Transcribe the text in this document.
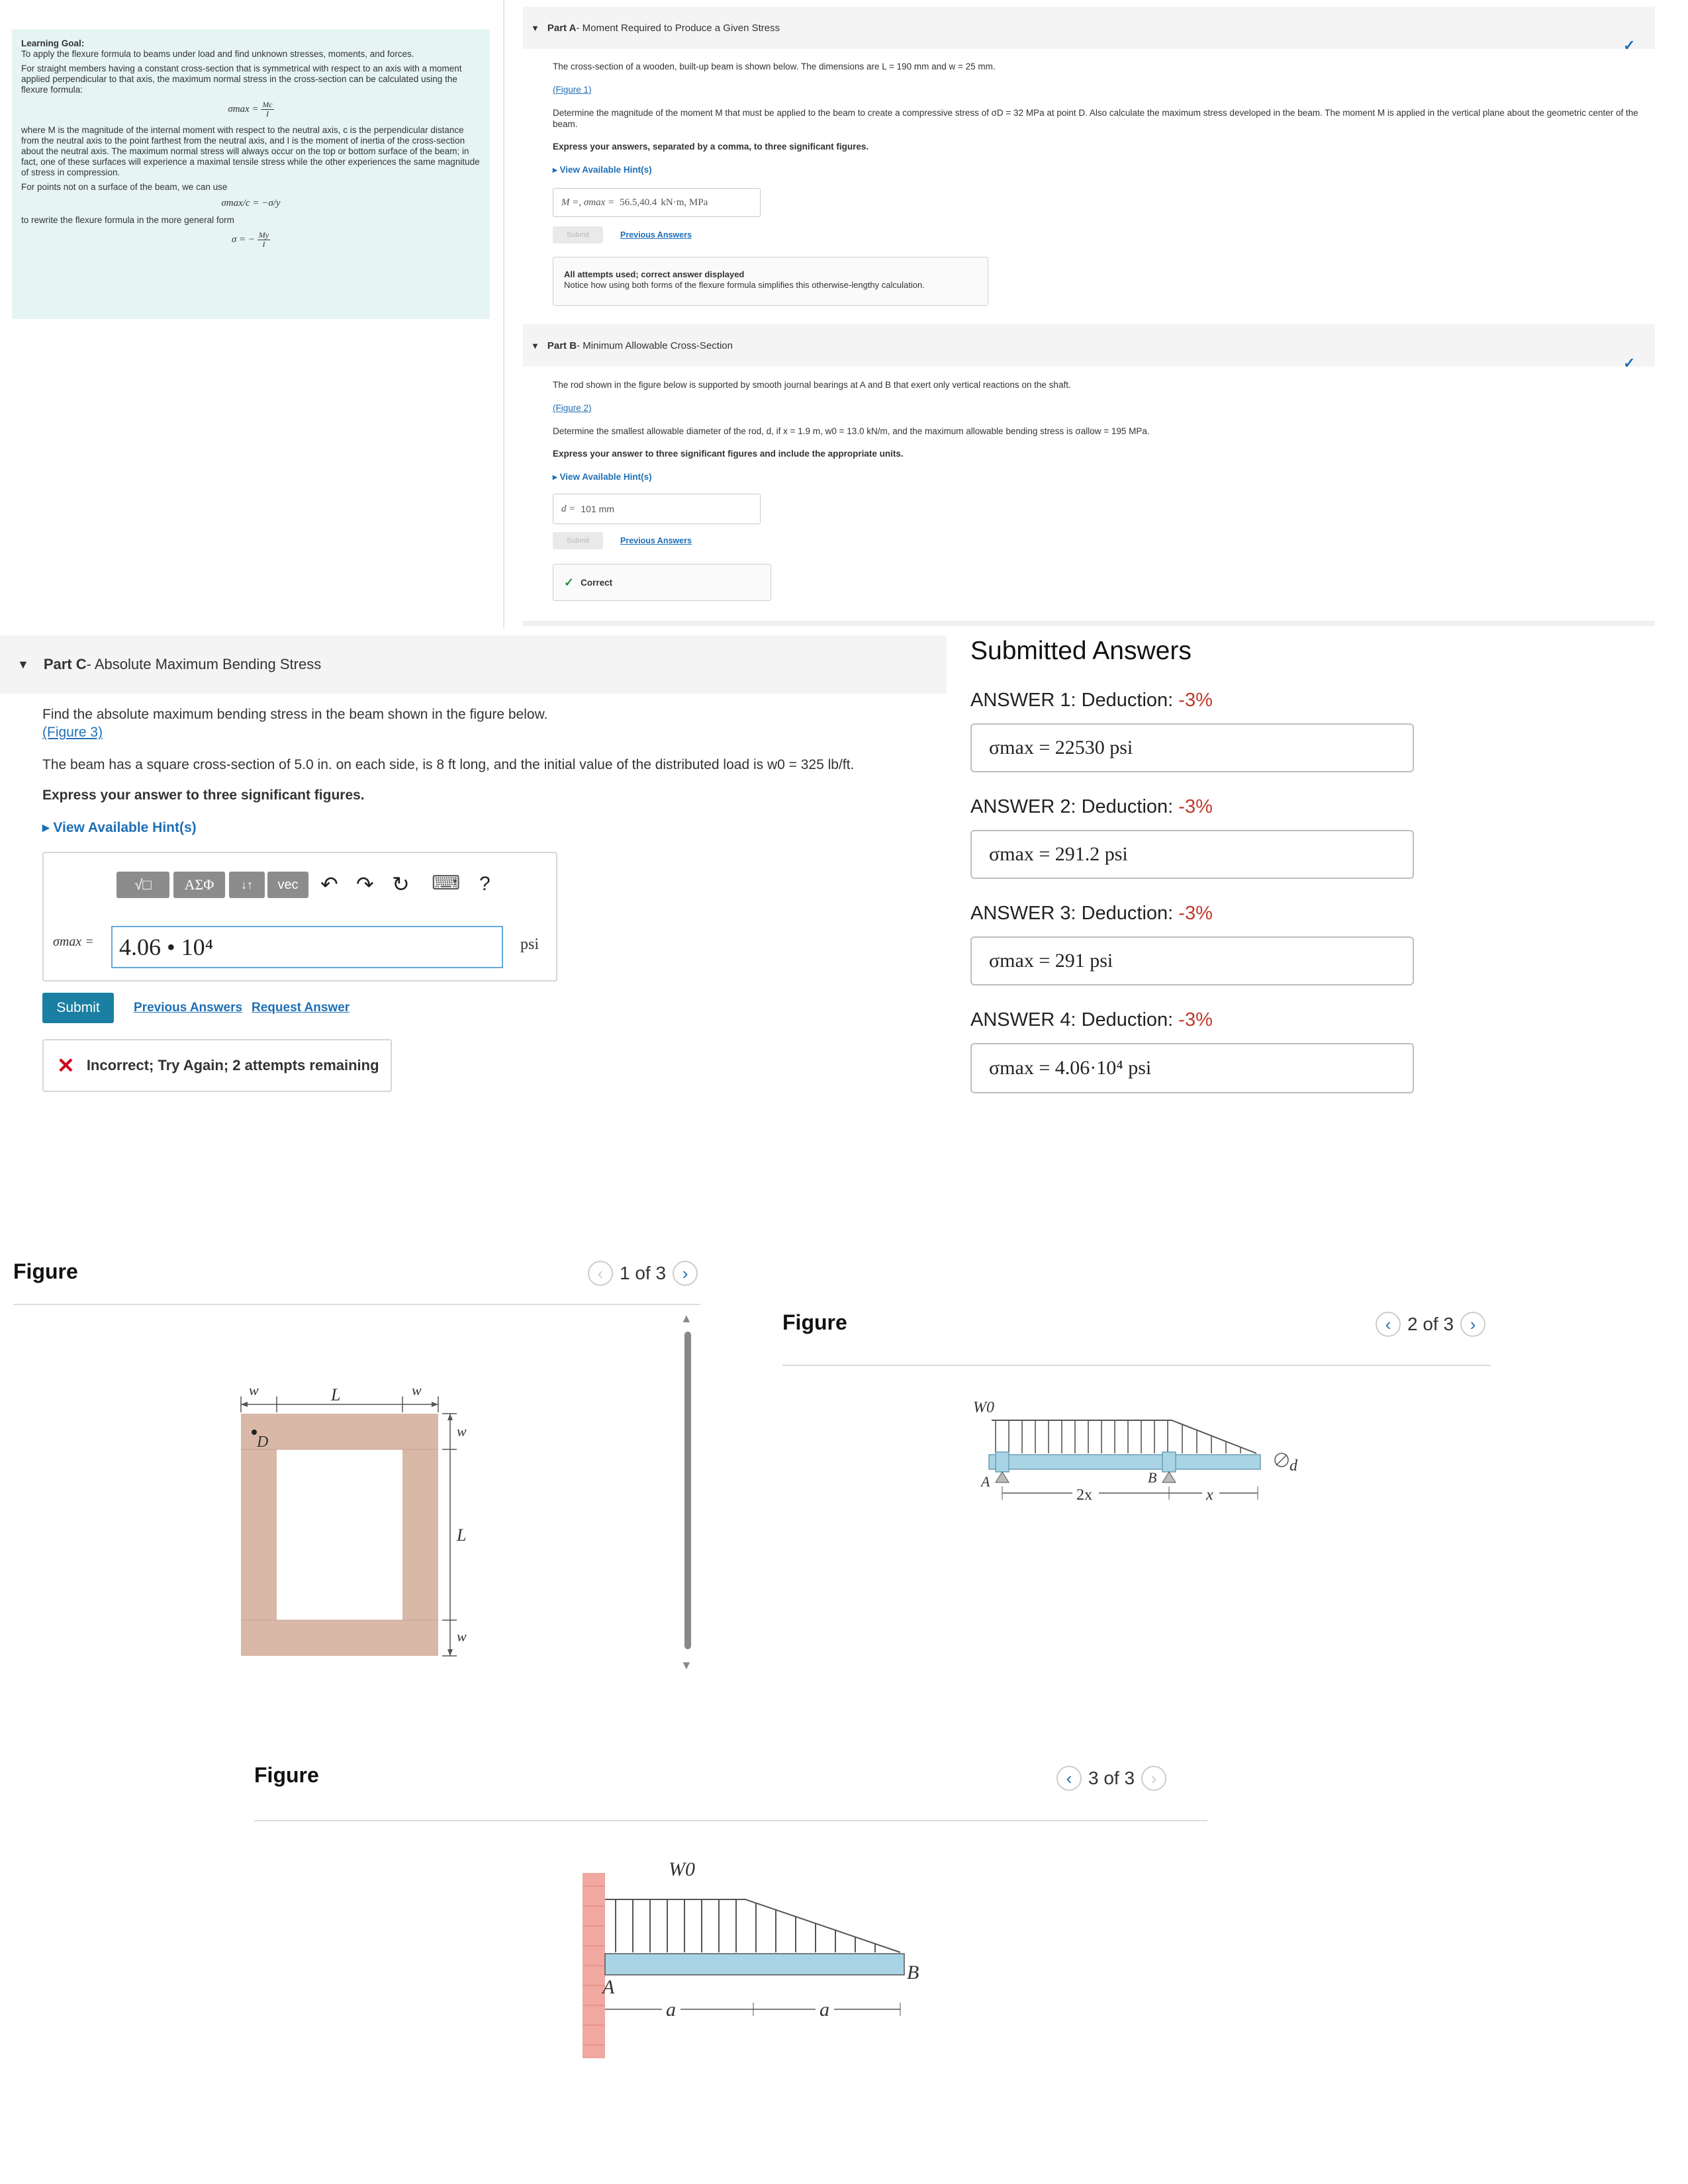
Learning Goal:

To apply the flexure formula to beams under load and find unknown stresses, moments, and forces.

For straight members having a constant cross-section that is symmetrical with respect to an axis with a moment applied perpendicular to that axis, the maximum normal stress in the cross-section can be calculated using the flexure formula:

$\sigma\max = \frac{Mc}{I}$

where M is the magnitude of the internal moment with respect to the neutral axis, c is the perpendicular distance from the neutral axis to the point farthest from the neutral axis, and I is the moment of inertia of the cross-section about the neutral axis. The maximum normal stress will always occur on the top or bottom surface of the beam; in fact, one of these surfaces will experience a maximal tensile stress while the other experiences the same magnitude of stress in compression.

For points not on a surface of the beam, we can use

σmax/c = −σ/y

to rewrite the flexure formula in the more general form

σ = − $\frac{My}{I}$
▼ Part A - Moment Required to Produce a Given Stress
✓
The cross-section of a wooden, built-up beam is shown below. The dimensions are L = 190 mm and w = 25 mm.
(Figure 1)
Determine the magnitude of the moment M that must be applied to the beam to create a compressive stress of σD = 32 MPa at point D. Also calculate the maximum stress developed in the beam. The moment M is applied in the vertical plane about the geometric center of the beam.
Express your answers, separated by a comma, to three significant figures.
▸ View Available Hint(s)
M =, σmax = 56.5,40.4 kN·m, MPa
Submit	Previous Answers
All attempts used; correct answer displayed
Notice how using both forms of the flexure formula simplifies this otherwise-lengthy calculation.
▼ Part B - Minimum Allowable Cross-Section
✓
The rod shown in the figure below is supported by smooth journal bearings at A and B that exert only vertical reactions on the shaft.
(Figure 2)
Determine the smallest allowable diameter of the rod, d, if x = 1.9 m, w0 = 13.0 kN/m, and the maximum allowable bending stress is σallow = 195 MPa.
Express your answer to three significant figures and include the appropriate units.
▸ View Available Hint(s)
d = 101 mm
Submit	Previous Answers
✓ Correct
▼ Part C - Absolute Maximum Bending Stress
Find the absolute maximum bending stress in the beam shown in the figure below.
(Figure 3)
The beam has a square cross-section of 5.0 in. on each side, is 8 ft long, and the initial value of the distributed load is w0 = 325 lb/ft.
Express your answer to three significant figures.
▸ View Available Hint(s)
√□	ΑΣΦ	↓↑	vec	↶ ↷ ↻ ⌨ ?
σmax = 4.06 • 10⁴	psi
Submit	Previous Answers Request Answer
✕ Incorrect; Try Again; 2 attempts remaining
Submitted Answers
ANSWER 1: Deduction: -3%
σmax = 22530 psi
ANSWER 2: Deduction: -3%
σmax = 291.2 psi
ANSWER 3: Deduction: -3%
σmax = 291 psi
ANSWER 4: Deduction: -3%
σmax = 4.06·10⁴ psi
Figure	‹ 1 of 3 ›
▲
▼
w	L	w
D
w
L
w
Figure	‹ 2 of 3 ›
W0
A	B
2x	x
d
Figure	‹ 3 of 3 ›
W0
A
B
a	a
